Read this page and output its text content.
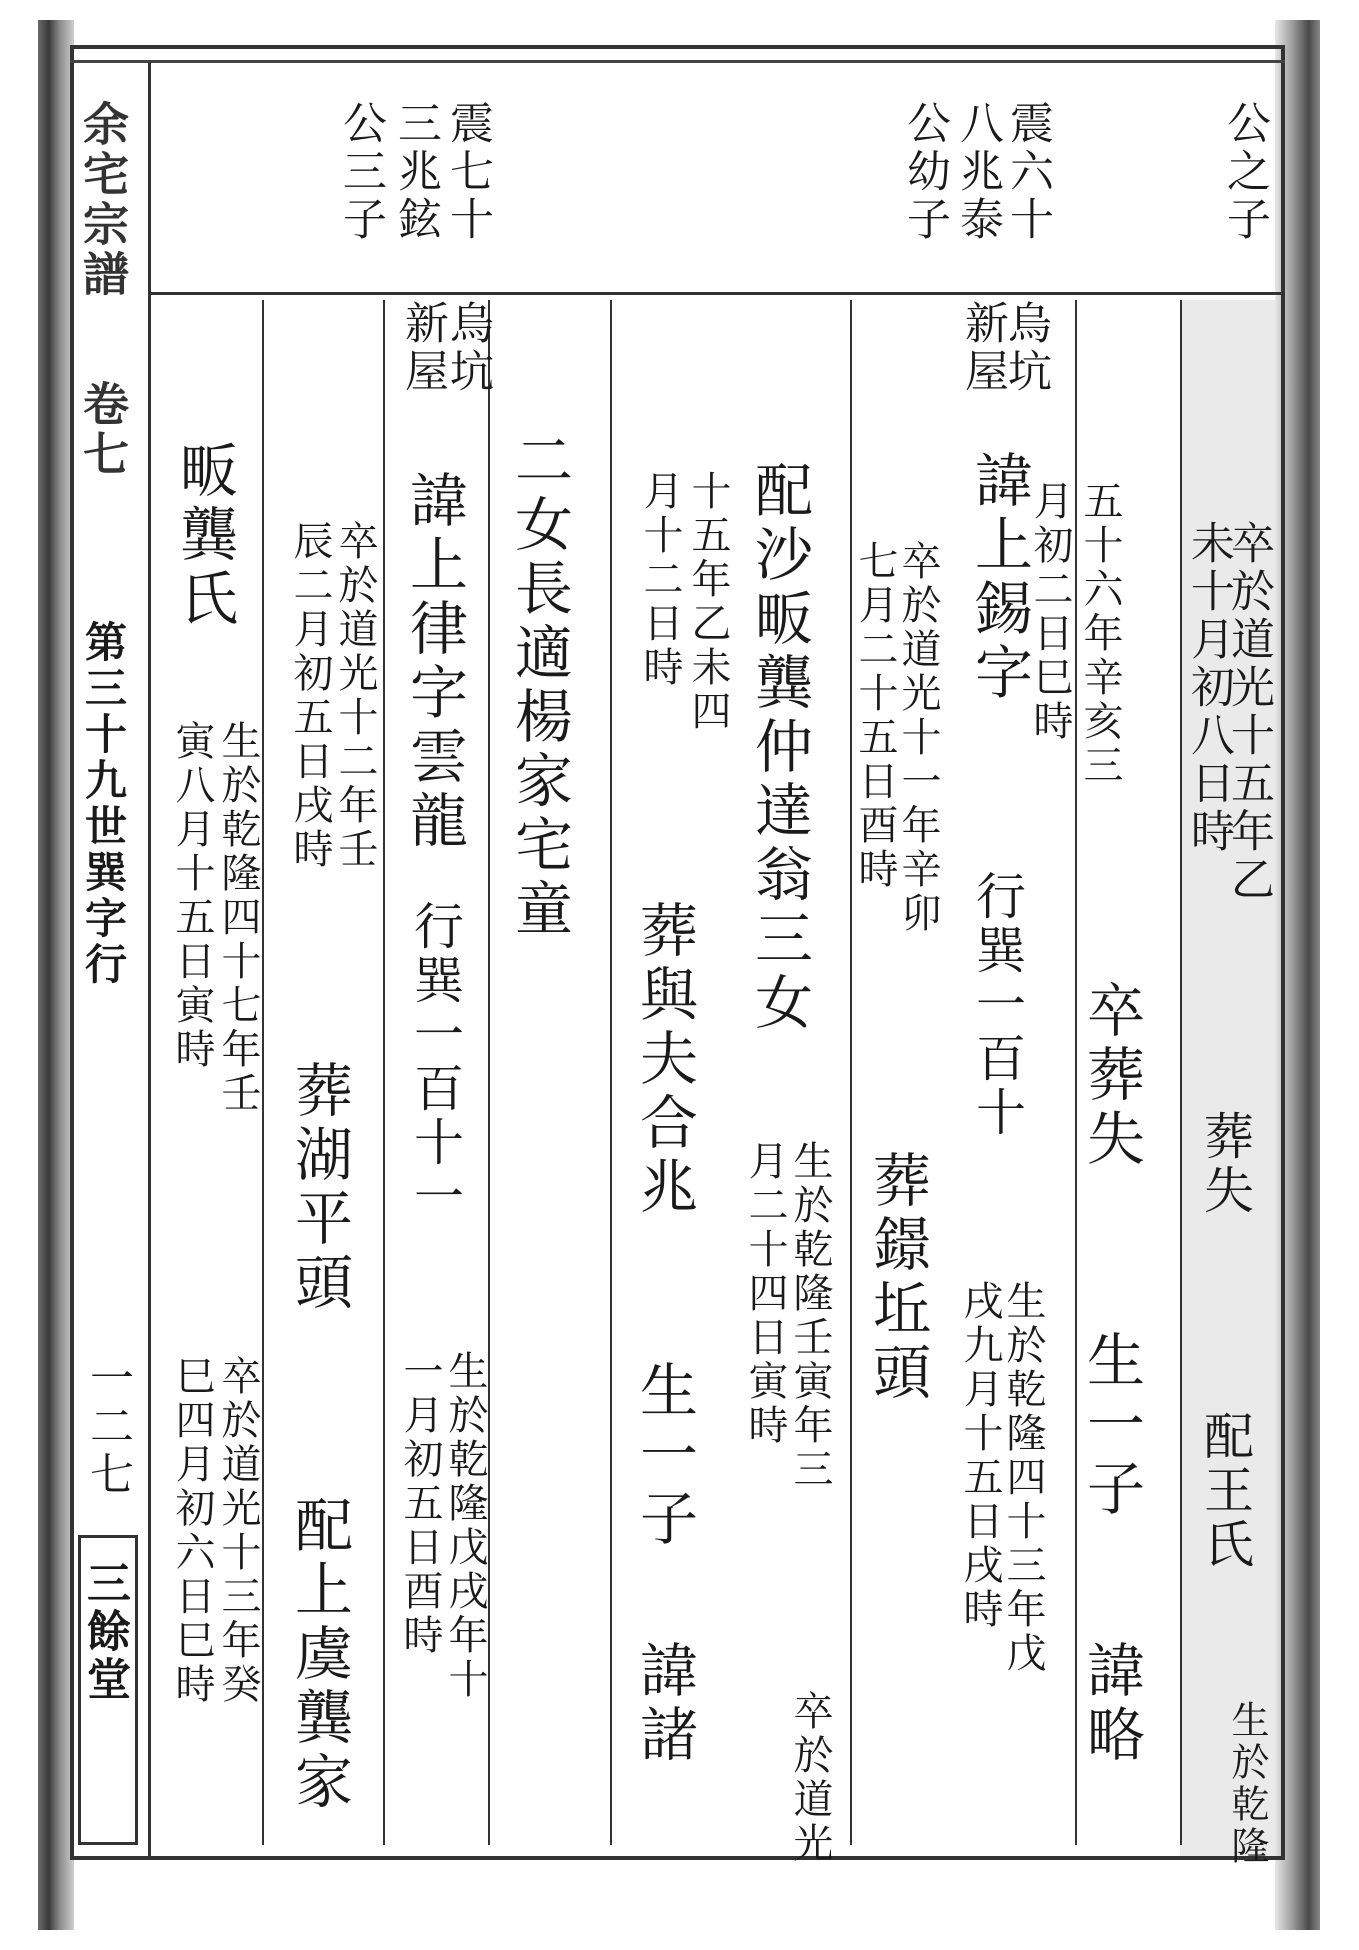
余宅宗譜
卷七
第三十九世巽字行
一二七
三餘堂
公之子
震六十
八兆泰
公幼子
震七十
三兆鉉
公三子
卒於道光十五年乙
未十月初八日時
葬失
配王氏
生於乾隆
五十六年辛亥三
月初二日巳時
卒葬失
生一子
諱略
烏坑
新屋
諱上錫字
行巽一百十
生於乾隆四十三年戊
戌九月十五日戌時
卒於道光十一年辛卯
七月二十五日酉時
葬鐛坵頭
配沙畈龔仲達翁三女
生於乾隆壬寅年三
月二十四日寅時
卒於道光
十五年乙未四
月十二日時
葬與夫合兆
生一子
諱諸
二女長適楊家宅童
烏坑
新屋
諱上律字雲龍
行巽一百十一
生於乾隆戊戌年十
一月初五日酉時
卒於道光十二年壬
辰二月初五日戌時
葬湖平頭
配上虞龔家
畈龔氏
生於乾隆四十七年壬
寅八月十五日寅時
卒於道光十三年癸
巳四月初六日巳時
